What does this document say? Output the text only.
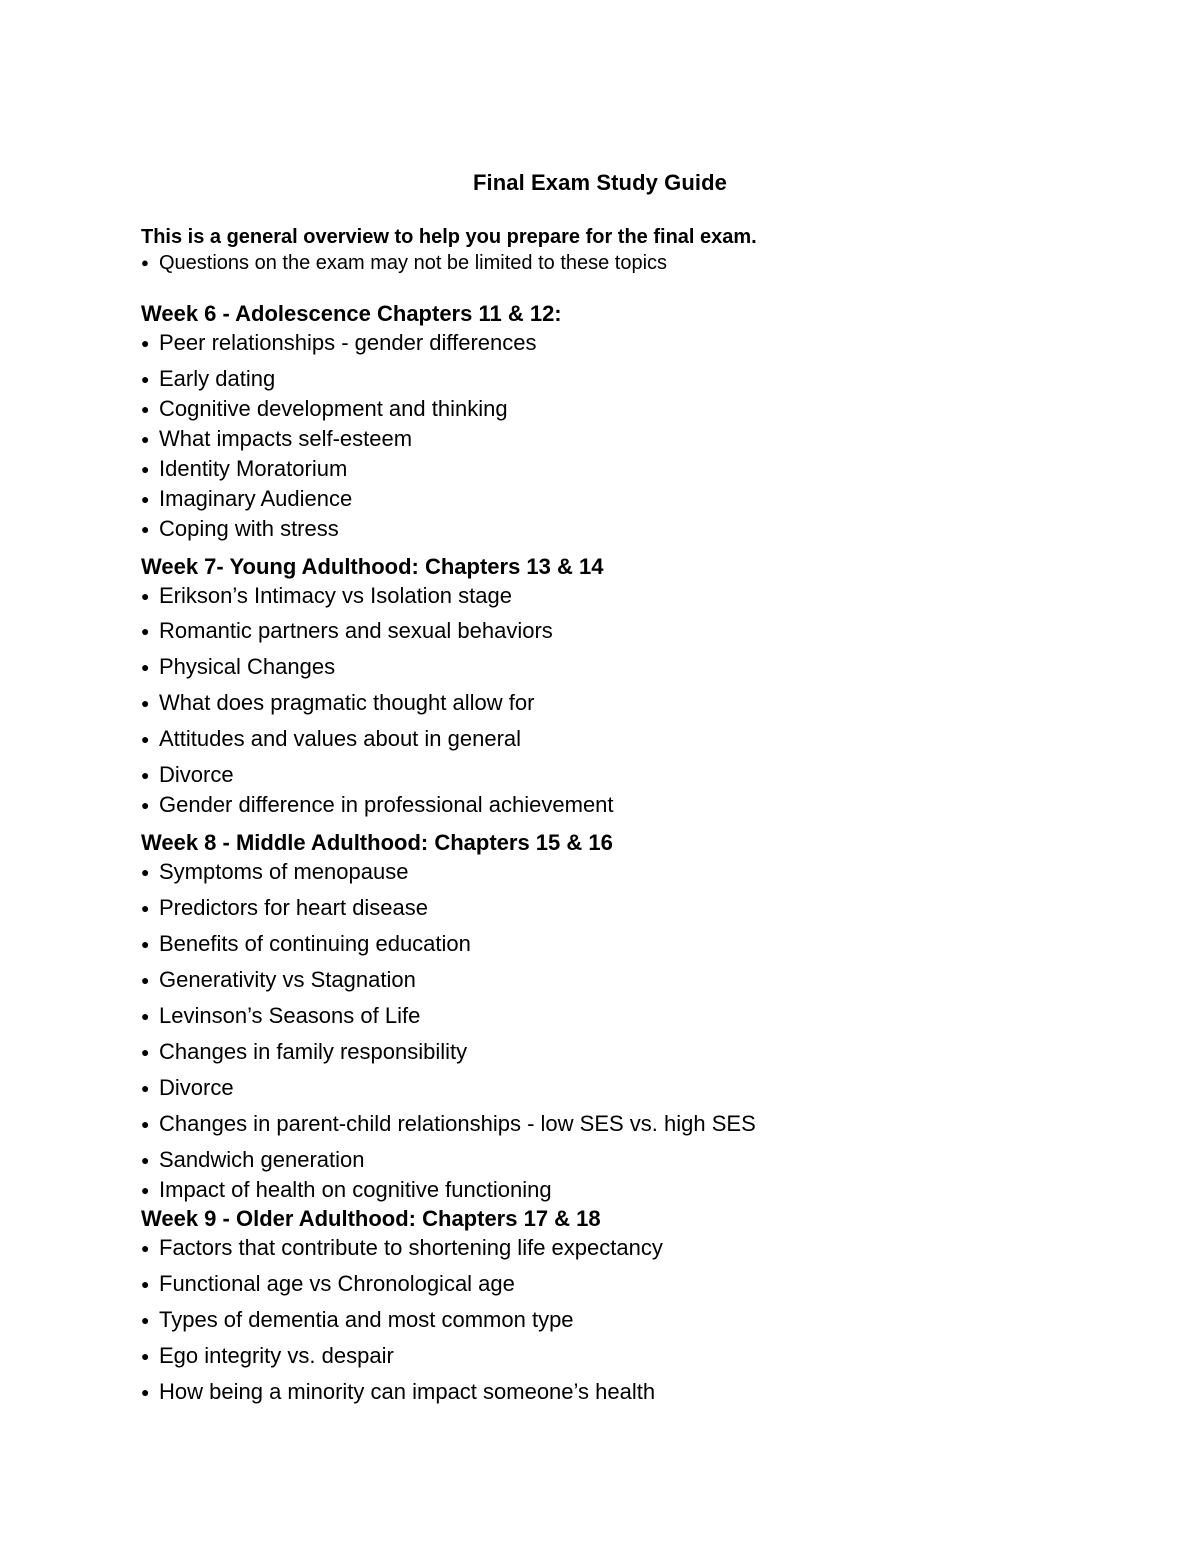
Final Exam Study Guide
This is a general overview to help you prepare for the final exam.
● Questions on the exam may not be limited to these topics
Week 6 - Adolescence Chapters 11 & 12:
● Peer relationships - gender differences
● Early dating
● Cognitive development and thinking
● What impacts self-esteem
● Identity Moratorium
● Imaginary Audience
● Coping with stress
Week 7- Young Adulthood: Chapters 13 & 14
● Erikson’s Intimacy vs Isolation stage
● Romantic partners and sexual behaviors
● Physical Changes
● What does pragmatic thought allow for
● Attitudes and values about in general
● Divorce
● Gender difference in professional achievement
Week 8 - Middle Adulthood: Chapters 15 & 16
● Symptoms of menopause
● Predictors for heart disease
● Benefits of continuing education
● Generativity vs Stagnation
● Levinson’s Seasons of Life
● Changes in family responsibility
● Divorce
● Changes in parent-child relationships - low SES vs. high SES
● Sandwich generation
● Impact of health on cognitive functioning
Week 9 - Older Adulthood: Chapters 17 & 18
● Factors that contribute to shortening life expectancy
● Functional age vs Chronological age
● Types of dementia and most common type
● Ego integrity vs. despair
● How being a minority can impact someone’s health
